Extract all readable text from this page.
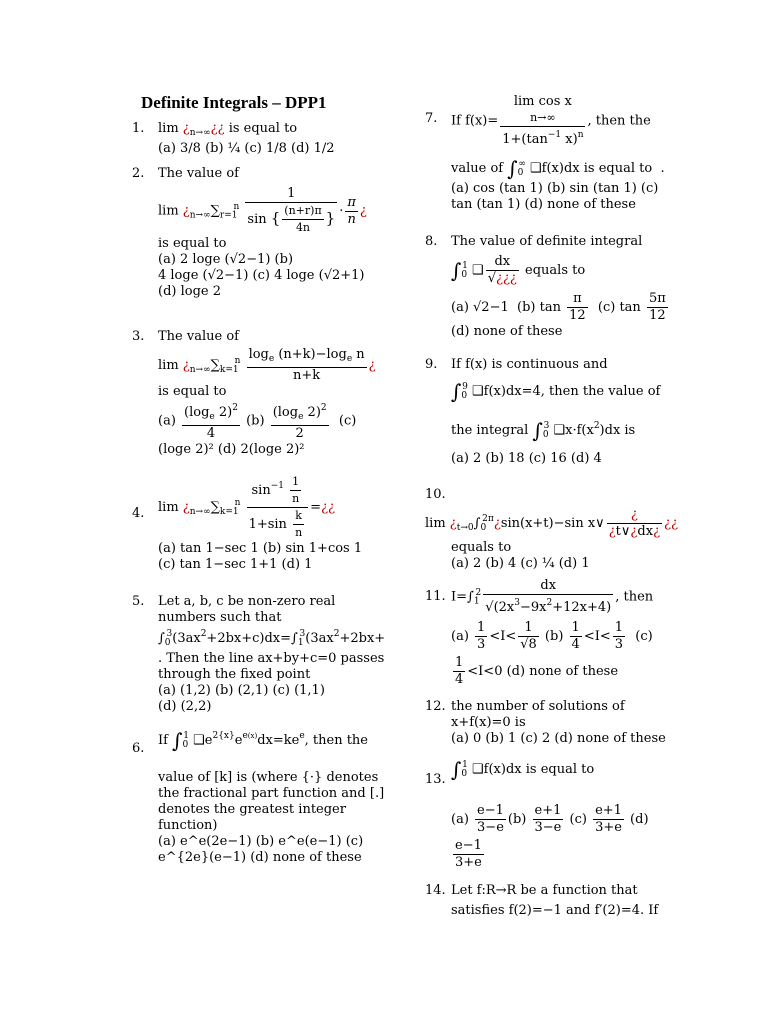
Definite Integrals – DPP1
1.	$\lim ¿_{n\to\infty}¿¿$ is equal to
(a) 3/8 (b) ¼ (c) 1/8 (d) 1/2
2.	The value of
$\lim ¿_{n\to\infty}\sum_{r=1}^n \frac{1}{\sin \{ \frac{(n+r)\pi}{4n} \}} \cdot \frac{\pi}{n}$ ¿
is equal to
(a) 2 loge (√2−1) (b)
4 loge (√2−1) (c) 4 loge (√2+1)
(d) loge 2
3.	The value of
$\lim ¿_{n\to\infty}\sum_{k=1}^n \frac{\log_e (n+k)-\log_e n}{n+k}$ ¿
is equal to
$(a) \frac{(\log_e 2)^2}{4} (b) \frac{(\log_e 2)^2}{2} (c)$
(loge 2)² (d) 2(loge 2)²
4.	$\lim ¿_{n\to\infty}\sum_{k=1}^n \frac{\sin^{-1} \frac{1}{n}}{1+\sin \frac{k}{n}}$ =¿¿
(a) tan 1−sec 1 (b) sin 1+cos 1
(c) tan 1−sec 1+1 (d) 1
5.	Let a, b, c be non-zero real
numbers such that
$\int_0^3(3ax^2+2bx+c)dx=\int_1^3(3ax^2+2bx+$
. Then the line ax+by+c=0 passes
through the fixed point
(a) (1,2) (b) (2,1) (c) (1,1)
(d) (2,2)
6.
If $\int_0^1$ $❑e^{2\{x\}}e^{e(x)}dx=ke^e$, then the
value of [k] is (where {·} denotes
the fractional part function and [.]
denotes the greatest integer
function)
(a) e^e(2e−1) (b) e^e(e−1) (c)
e^{2e}(e−1) (d) none of these
7.	If f(x)=
lim cos x
n→∞
$1+(\tan^{-1}$ x)$^n$
, then the
value of $\int_0^\infty$ ❑f(x)dx is equal to  .
(a) cos (tan 1) (b) sin (tan 1) (c)
tan (tan 1) (d) none of these
8.	The value of definite integral
$\int_0^1$ ❑ $\frac{dx}{√¿¿¿}$ equals to
(a) √2−1  (b) $\tan \frac{\pi}{12} (c)$ $\tan \frac{5\pi}{12}$
(d) none of these
9.	If f(x) is continuous and
$\int_0^9$ ❑f(x)dx=4, then the value of
the integral $\int_0^3$ $❑x\cdot f(x^2)dx$ is
(a) 2 (b) 18 (c) 16 (d) 4
10.
$\lim ¿_{t\to 0}\int_0^{2\pi}¿\sin(x+t)-\sin$ x∨ $\frac{¿}{¿t\vee¿dx¿}$ ¿¿
equals to
(a) 2 (b) 4 (c) ¼ (d) 1
11. $I=\int_1^2 \frac{dx}{√(2x^3-9x^2+12x+4)}$ , then
$(a) \frac{1}{3} <I< \frac{1}{√8} (b) \frac{1}{4} <I< \frac{1}{3} (c)$
$\frac{1}{4} <I<0$ (d) none of these
12. the number of solutions of
x+f(x)=0 is
(a) 0 (b) 1 (c) 2 (d) none of these
13. $\int_0^1$ ❑f(x)dx is equal to
$(a) \frac{e-1}{3-e} (b) \frac{e+1}{3-e} (c) \frac{e+1}{3+e} (d)$
$\frac{e-1}{3+e}$
14. Let f:R→R be a function that
satisfies f(2)=−1 and f′(2)=4. If
